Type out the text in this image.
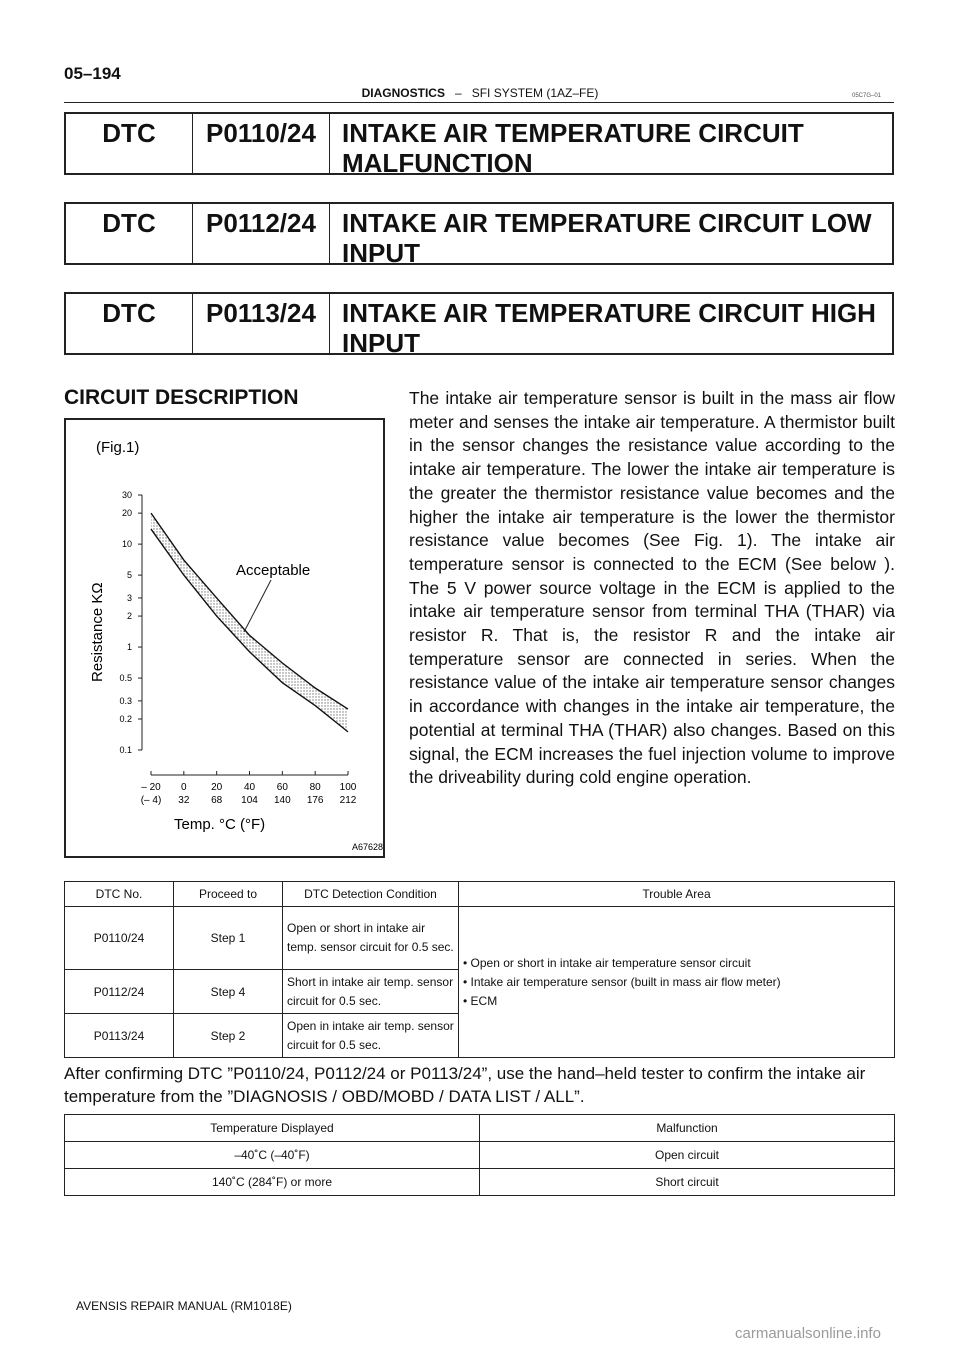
05–194
DIAGNOSTICS – SFI SYSTEM (1AZ–FE)	05C7G–01
DTC	P0110/24	INTAKE AIR TEMPERATURE CIRCUIT
MALFUNCTION
DTC	P0112/24	INTAKE AIR TEMPERATURE CIRCUIT LOW
INPUT
DTC	P0113/24	INTAKE AIR TEMPERATURE CIRCUIT HIGH
INPUT
CIRCUIT DESCRIPTION
(Fig.1)
Resistance KΩ
30
20
10
5
3
2
1
0.5
0.3
0.2
0.1
– 20
(– 4)
0
32
20
68
40
104
60
140
80
176
100
212
Acceptable
Temp. °C (°F)
A67628
The intake air temperature sensor is built in the mass air flow meter and senses the intake air temperature. A thermistor built in the sensor changes the resistance value according to the intake air temperature. The lower the intake air temperature is the greater the thermistor resistance value becomes and the higher the intake air temperature is the lower the thermistor resistance value becomes (See Fig. 1). The intake air temperature sensor is connected to the ECM (See below ). The 5 V power source voltage in the ECM is applied to the intake air temperature sensor from terminal THA (THAR) via resistor R. That is, the resistor R and the intake air temperature sensor are connected in series. When the resistance value of the intake air temperature sensor changes in accordance with changes in the intake air temperature, the potential at terminal THA (THAR) also changes. Based on this signal, the ECM increases the fuel injection volume to improve the driveability during cold engine operation.
DTC No.	Proceed to	DTC Detection Condition	Trouble Area
P0110/24	Step 1	Open or short in intake air temp. sensor circuit for 0.5 sec.	• Open or short in intake air temperature sensor circuit
• Intake air temperature sensor (built in mass air flow meter)
• ECM

P0112/24	Step 4	Short in intake air temp. sensor circuit for 0.5 sec.	
P0113/24	Step 2	Open in intake air temp. sensor circuit for 0.5 sec.	
After confirming DTC ”P0110/24, P0112/24 or P0113/24”, use the hand–held tester to confirm the intake air temperature from the ”DIAGNOSIS / OBD/MOBD / DATA LIST / ALL”.
Temperature Displayed	Malfunction
–40˚C (–40˚F)	Open circuit
140˚C (284˚F) or more	Short circuit
AVENSIS REPAIR MANUAL (RM1018E)
carmanualsonline.info
